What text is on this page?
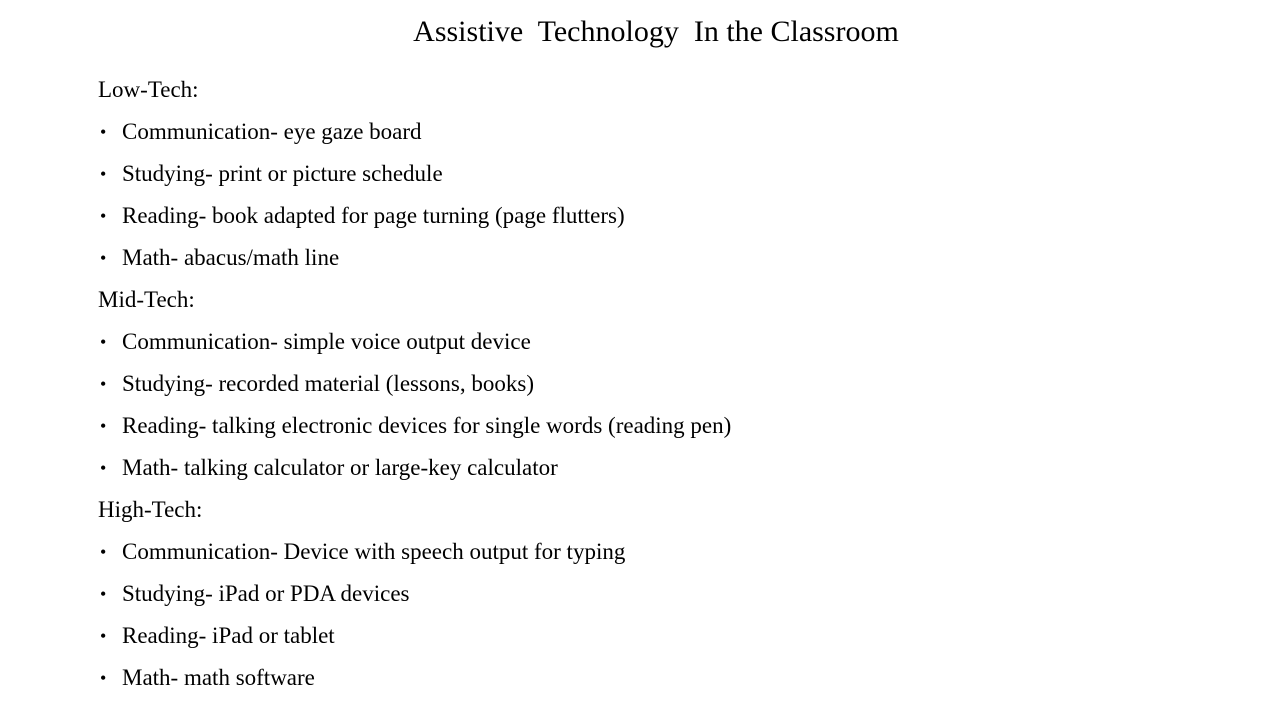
Assistive  Technology  In the Classroom
Low-Tech:
• Communication- eye gaze board
• Studying- print or picture schedule
• Reading- book adapted for page turning (page flutters)
• Math- abacus/math line
Mid-Tech:
• Communication- simple voice output device
• Studying- recorded material (lessons, books)
• Reading- talking electronic devices for single words (reading pen)
• Math- talking calculator or large-key calculator
High-Tech:
• Communication- Device with speech output for typing
• Studying- iPad or PDA devices
• Reading- iPad or tablet
• Math- math software
